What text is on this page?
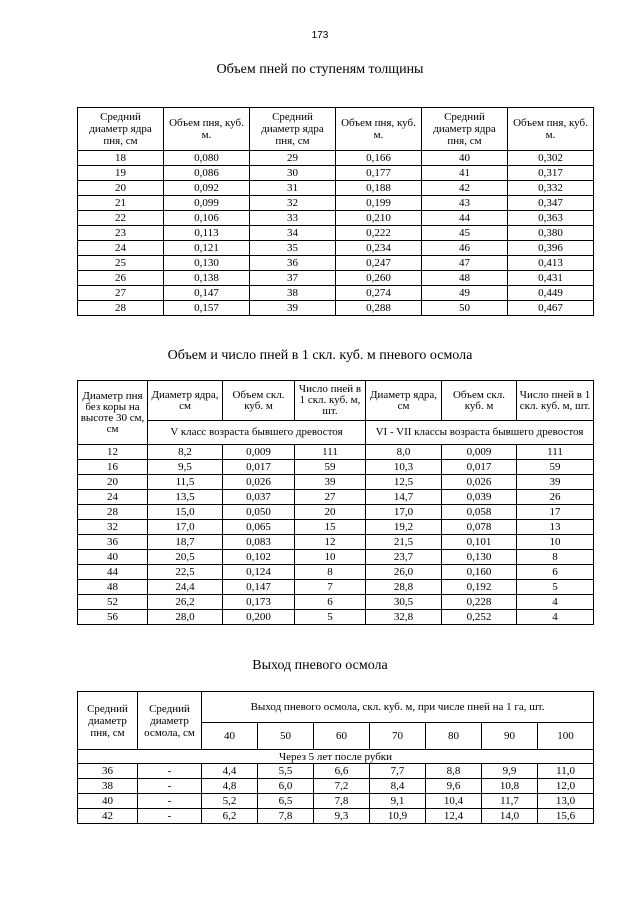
173
Объем пней по ступеням толщины
Средний диаметр ядра пня, см	Объем пня, куб. м.	Средний диаметр ядра пня, см	Объем пня, куб. м.	Средний диаметр ядра пня, см	Объем пня, куб. м.
18	0,080	29	0,166	40	0,302
19	0,086	30	0,177	41	0,317
20	0,092	31	0,188	42	0,332
21	0,099	32	0,199	43	0,347
22	0,106	33	0,210	44	0,363
23	0,113	34	0,222	45	0,380
24	0,121	35	0,234	46	0,396
25	0,130	36	0,247	47	0,413
26	0,138	37	0,260	48	0,431
27	0,147	38	0,274	49	0,449
28	0,157	39	0,288	50	0,467
Объем и число пней в 1 скл. куб. м пневого осмола
Диаметр пня без коры на высоте 30 см, см	Диаметр ядра, см	Объем скл. куб. м	Число пней в 1 скл. куб. м, шт.	Диаметр ядра, см	Объем скл. куб. м	Число пней в 1 скл. куб. м, шт.
	V класс возраста бывшего древостоя			VI - VII классы возраста бывшего древостоя		
12	8,2	0,009	111	8,0	0,009	111
16	9,5	0,017	59	10,3	0,017	59
20	11,5	0,026	39	12,5	0,026	39
24	13,5	0,037	27	14,7	0,039	26
28	15,0	0,050	20	17,0	0,058	17
32	17,0	0,065	15	19,2	0,078	13
36	18,7	0,083	12	21,5	0,101	10
40	20,5	0,102	10	23,7	0,130	8
44	22,5	0,124	8	26,0	0,160	6
48	24,4	0,147	7	28,8	0,192	5
52	26,2	0,173	6	30,5	0,228	4
56	28,0	0,200	5	32,8	0,252	4
Выход пневого осмола
Средний диаметр пня, см	Средний диаметр осмола, см	Выход пневого осмола, скл. куб. м, при числе пней на 1 га, шт.						
		40	50	60	70	80	90	100
Через 5 лет после рубки								
36	-	4,4	5,5	6,6	7,7	8,8	9,9	11,0
38	-	4,8	6,0	7,2	8,4	9,6	10,8	12,0
40	-	5,2	6,5	7,8	9,1	10,4	11,7	13,0
42	-	6,2	7,8	9,3	10,9	12,4	14,0	15,6
